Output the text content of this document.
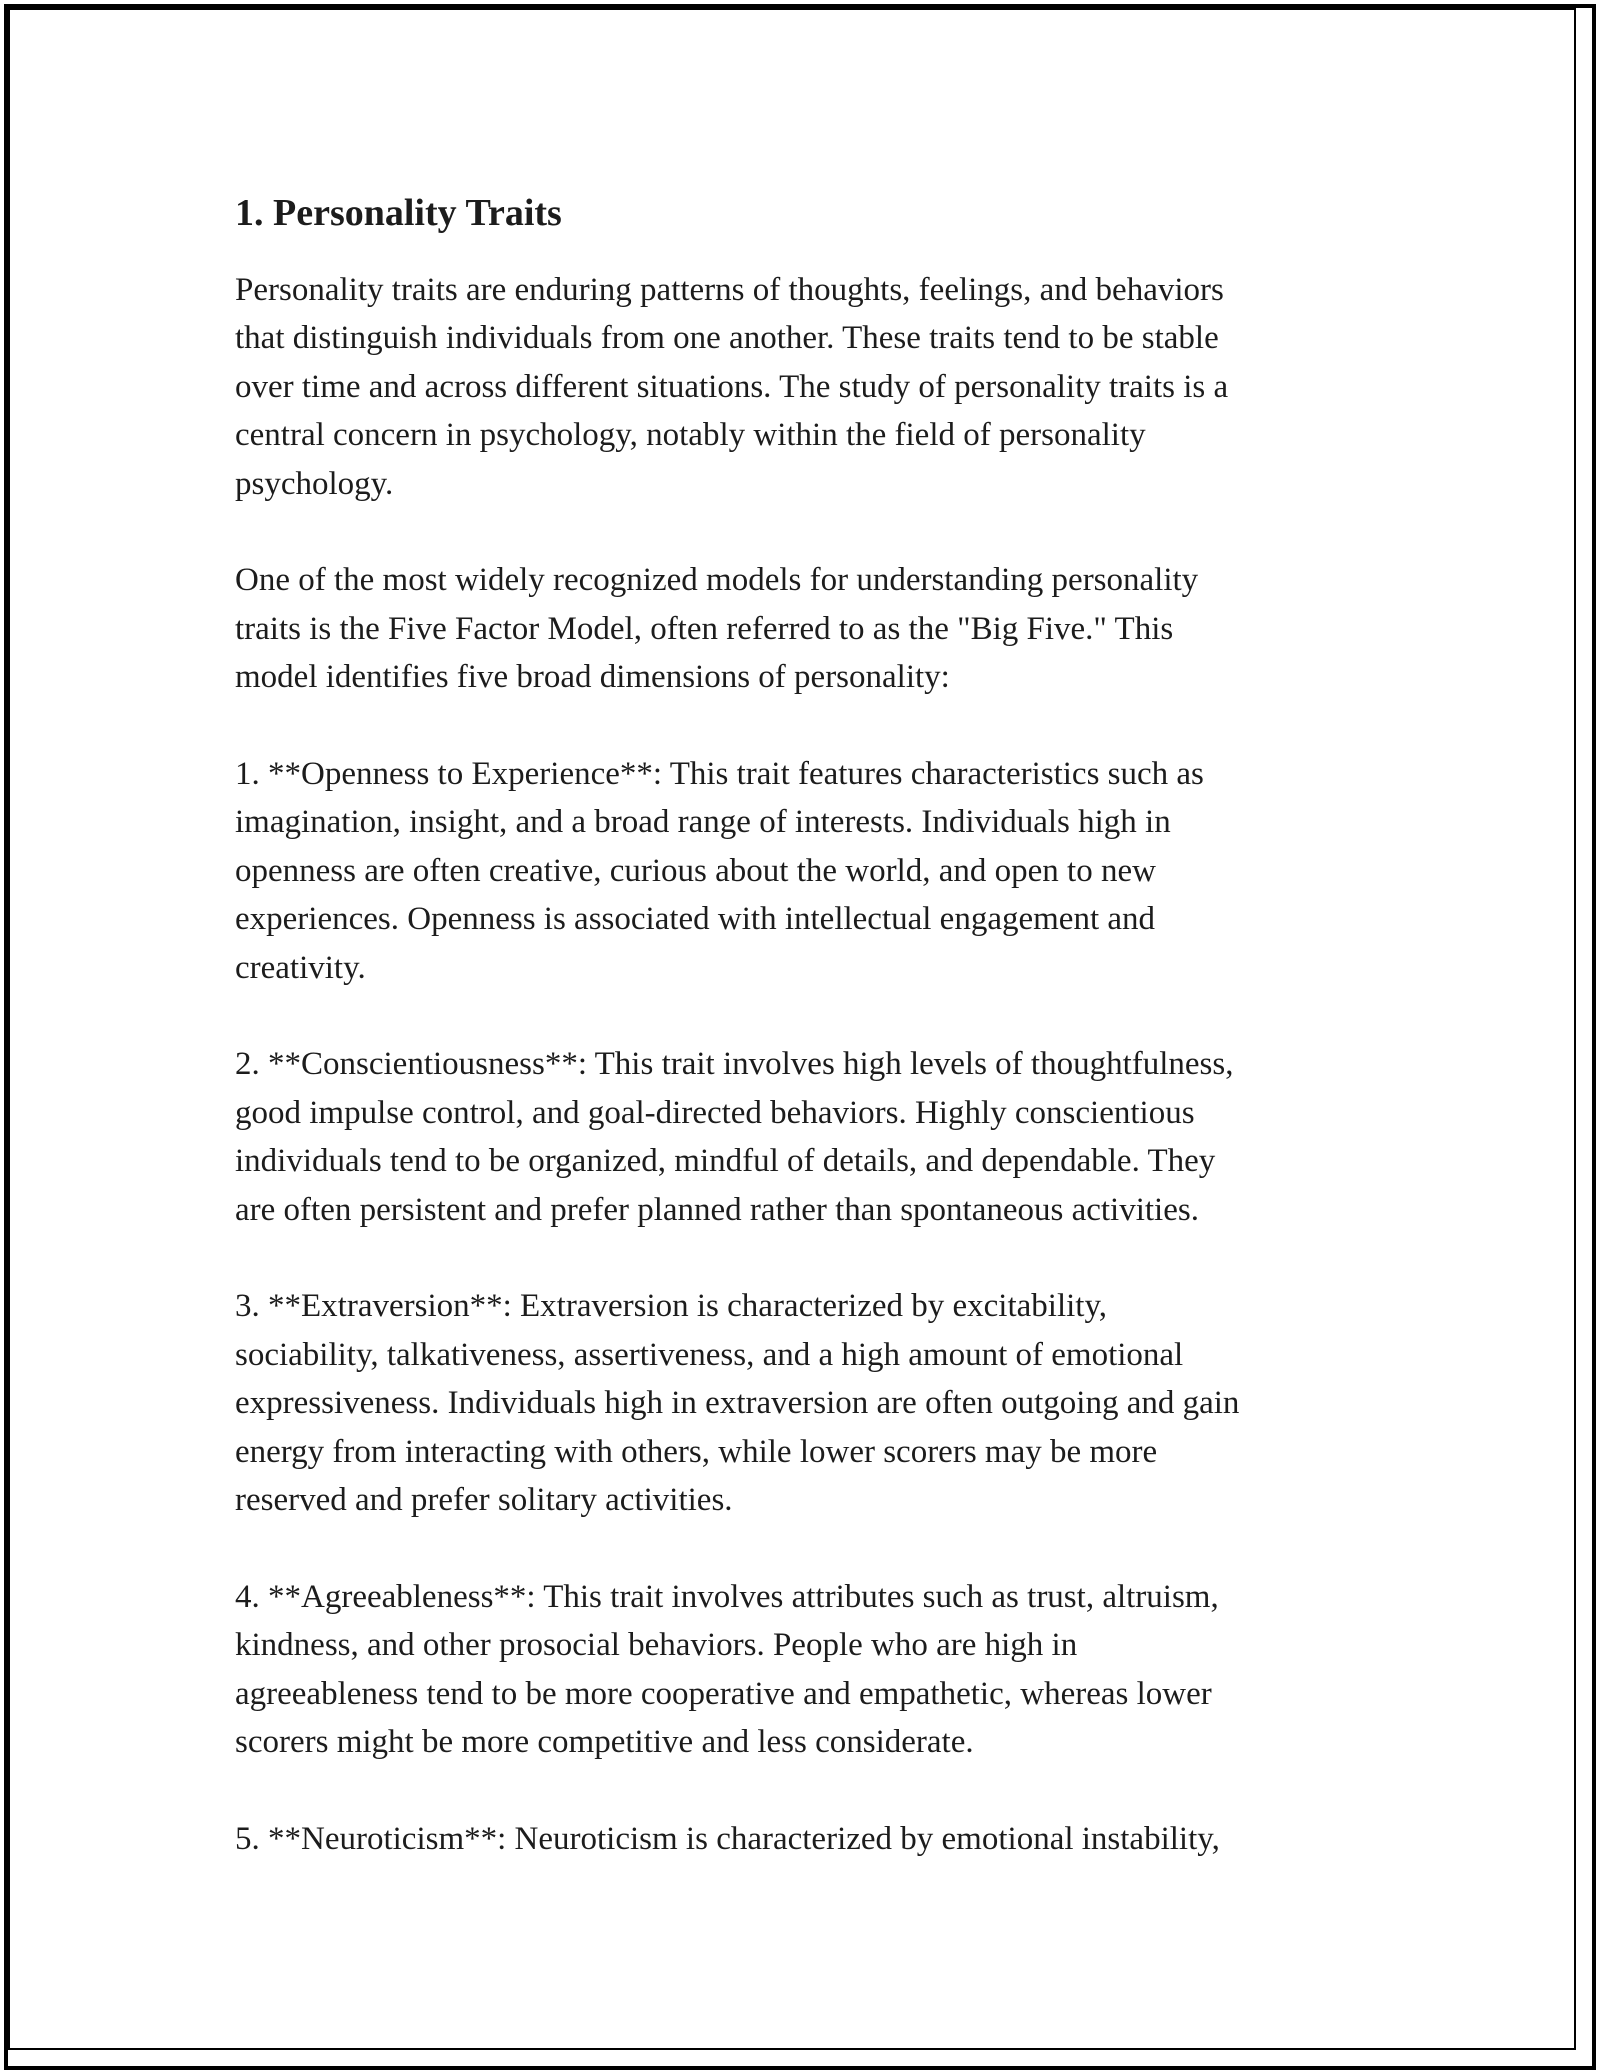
1. Personality Traits

Personality traits are enduring patterns of thoughts, feelings, and behaviors
that distinguish individuals from one another. These traits tend to be stable
over time and across different situations. The study of personality traits is a
central concern in psychology, notably within the field of personality
psychology.

One of the most widely recognized models for understanding personality
traits is the Five Factor Model, often referred to as the "Big Five." This
model identifies five broad dimensions of personality:

1. **Openness to Experience**: This trait features characteristics such as
imagination, insight, and a broad range of interests. Individuals high in
openness are often creative, curious about the world, and open to new
experiences. Openness is associated with intellectual engagement and
creativity.

2. **Conscientiousness**: This trait involves high levels of thoughtfulness,
good impulse control, and goal-directed behaviors. Highly conscientious
individuals tend to be organized, mindful of details, and dependable. They
are often persistent and prefer planned rather than spontaneous activities.

3. **Extraversion**: Extraversion is characterized by excitability,
sociability, talkativeness, assertiveness, and a high amount of emotional
expressiveness. Individuals high in extraversion are often outgoing and gain
energy from interacting with others, while lower scorers may be more
reserved and prefer solitary activities.

4. **Agreeableness**: This trait involves attributes such as trust, altruism,
kindness, and other prosocial behaviors. People who are high in
agreeableness tend to be more cooperative and empathetic, whereas lower
scorers might be more competitive and less considerate.

5. **Neuroticism**: Neuroticism is characterized by emotional instability,
